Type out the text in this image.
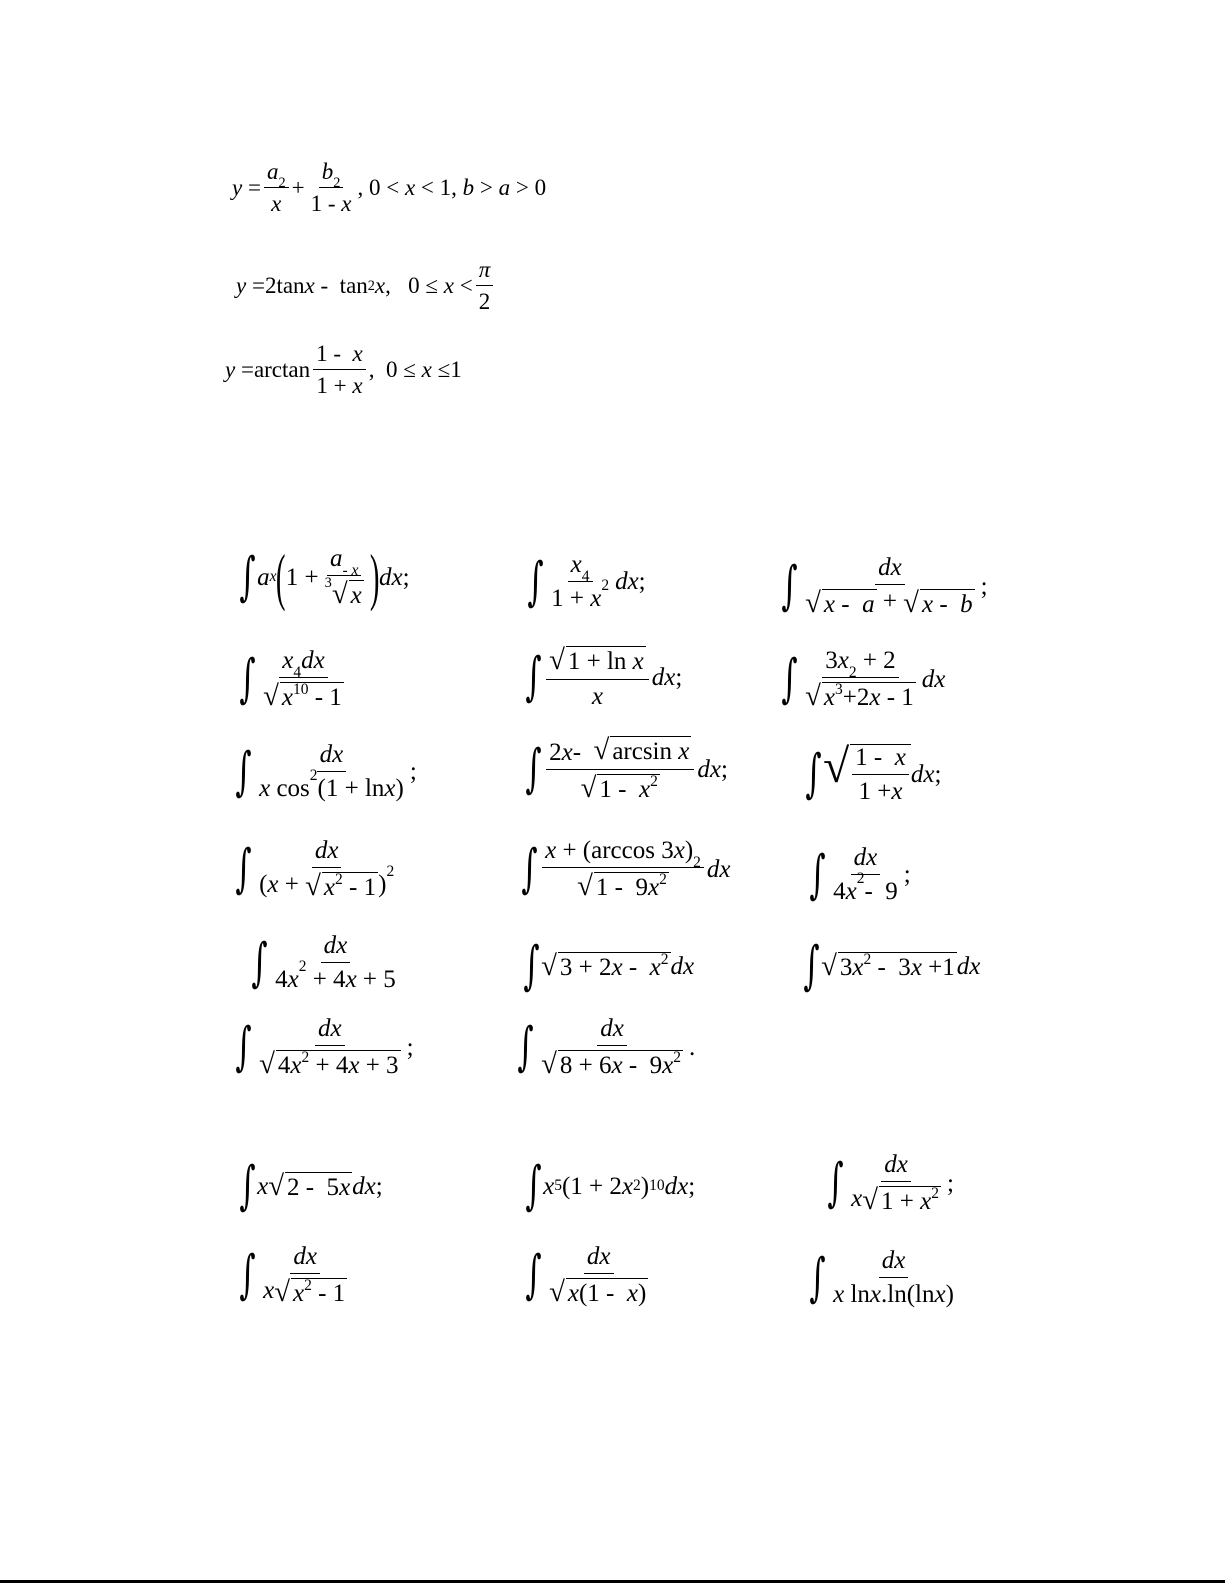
$y = \frac{a 2}{x} + \frac{b 2}{1 - x}$ , 0 < x < 1, b > a > 0
y =2tan x -  tan 2 x ,   $0 \le x < \frac{\pi}{2}$
$y =\arctan \frac{1 - x}{1 + x}$ ,  0 ≤ x ≤1
∫ a x ( $1 + \frac{a - x}{^3√ x}$ ) dx ; ∫ $\frac{x 4}{1 + x 2}$ dx ;	∫ $\frac{dx}{√ x - a + √ x - b}$ ;
∫ $\frac{x 4 dx}{√ x^{10} - 1}$	∫ $\frac{\text{√ 1 + ln x}}{x}$ dx ; ∫ $\frac{3 x 2 + 2}{√ x^3+2x - 1}$ dx
∫ $\frac{dx}{\text{x cos 2 (1 + ln x )}}$ ; ∫ $\frac{\text{2 x - √ arcsin x}}{√ 1 - x^2}$ dx ; ∫ √ $\frac{1 - x}{1 + x}$ dx ;
∫ $\frac{dx}{( x + √ x^2 - 1 ) 2}$ ∫ $\frac{x + (\arccos 3 x ) 2}{√ 1 - 9x^2}$ dx ∫ $\frac{dx}{4 x 2 - 9}$ ;
∫ $\frac{dx}{4 x 2 + 4 x + 5}$ ∫ √ $3 + 2x - x^2$ dx ∫ √ $3x^2 - 3x +1$ dx
∫ $\frac{dx}{√ 4x^2 + 4x + 3}$ ; ∫ $\frac{dx}{√ 8 + 6x - 9x^2}$ .
∫ x √ 2 -  5x dx ;	∫ x 5 (1 + 2 x 2 ) 10 dx ;	∫ $\frac{dx}{x √ 1 + x^2}$ ;
∫ $\frac{dx}{x √ x^2 - 1}$	∫ $\frac{dx}{√ x(1 - x)}$	∫ $\frac{dx}{\text{x ln x .ln(ln x )}}$
